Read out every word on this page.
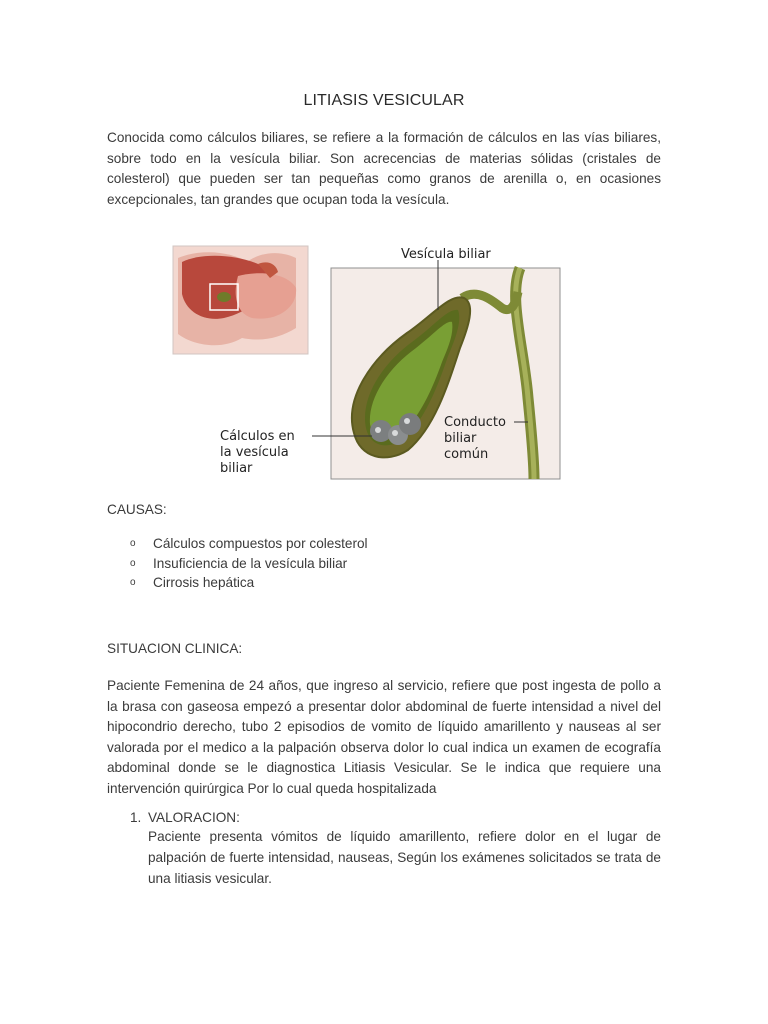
LITIASIS VESICULAR

Conocida como cálculos biliares, se refiere a la formación de cálculos en las vías biliares, sobre todo en la vesícula biliar. Son acrecencias de materias sólidas (cristales de colesterol) que pueden ser tan pequeñas como granos de arenilla o, en ocasiones excepcionales, tan grandes que ocupan toda la vesícula.

Vesícula biliar
Cálculos en
la vesícula
biliar
Conducto
biliar
común
CAUSAS:
o	Cálculos compuestos por colesterol
o	Insuficiencia de la vesícula biliar
o	Cirrosis hepática
SITUACION CLINICA:

Paciente Femenina de 24 años, que ingreso al servicio, refiere que post ingesta de pollo a la brasa con gaseosa empezó a presentar dolor abdominal de fuerte intensidad a nivel del hipocondrio derecho, tubo 2 episodios de vomito de líquido amarillento y nauseas al ser valorada por el medico a la palpación observa dolor lo cual indica un examen de ecografía abdominal donde se le diagnostica Litiasis Vesicular. Se le indica que requiere una intervención quirúrgica Por lo cual queda hospitalizada

1. VALORACION:

Paciente presenta vómitos de líquido amarillento, refiere dolor en el lugar de palpación de fuerte intensidad, nauseas, Según los exámenes solicitados se trata de una litiasis vesicular.
